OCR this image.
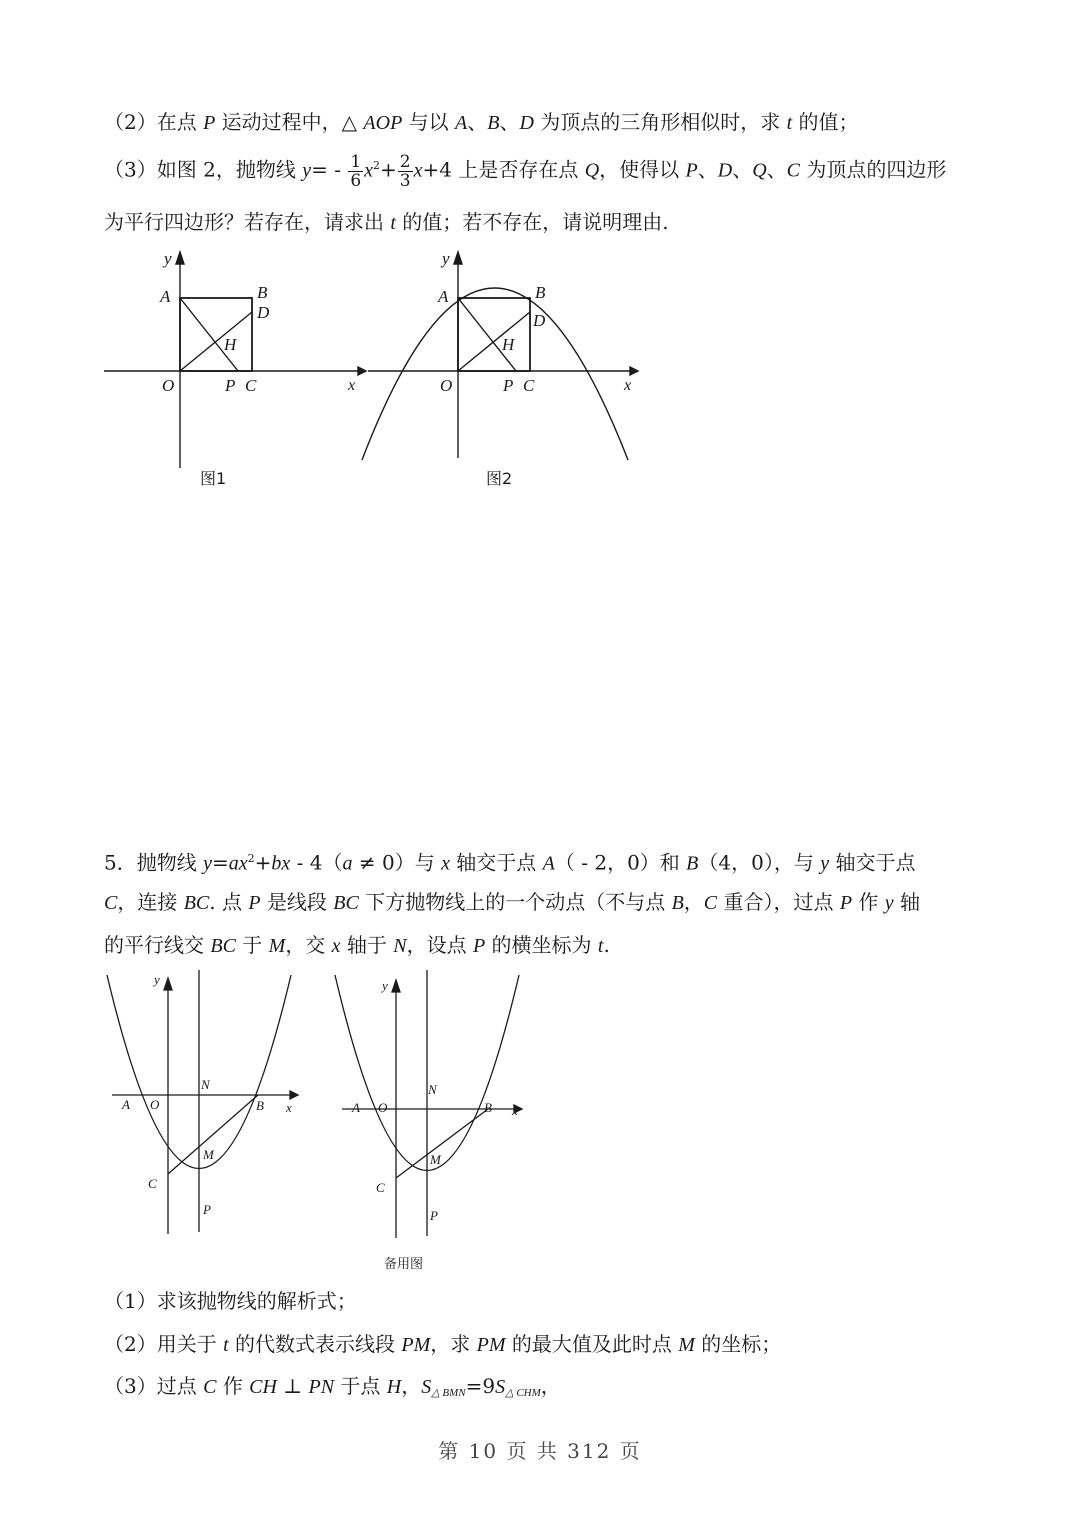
（2）在点 P 运动过程中，△ AOP 与以 A、B、D 为顶点的三角形相似时，求 t 的值；
（3）如图 2，抛物线 $y= - \frac{1}{6} x^2+ \frac{2}{3} x+4$ 上是否存在点 Q，使得以 P、D、Q、C 为顶点的四边形
为平行四边形？若存在，请求出 t 的值；若不存在，请说明理由.
y
A	B
D
H
O	P C	x
图1
y
A	B
D
H
O	P C	x
图2
5．抛物线 $y=ax^2+bx - 4(a \ne 0)$与 x 轴交于点 A（ - 2，0）和 B（4，0），与 y 轴交于点
C，连接 BC. 点 P 是线段 BC 下方抛物线上的一个动点（不与点 B，C 重合），过点 P 作 y 轴
的平行线交 BC 于 M，交 x 轴于 N，设点 P 的横坐标为 t.
y
A O
N
B x
M
C
P
y
A O
N
B x
M
C
P
备用图
（1）求该抛物线的解析式；
（2）用关于 t 的代数式表示线段 PM，求 PM 的最大值及此时点 M 的坐标；
（3）过点 C 作 CH ⊥ PN 于点 H，$S_{\triangle BMN}=9S_{\triangle CHM}$，
第 10 页 共 312 页
